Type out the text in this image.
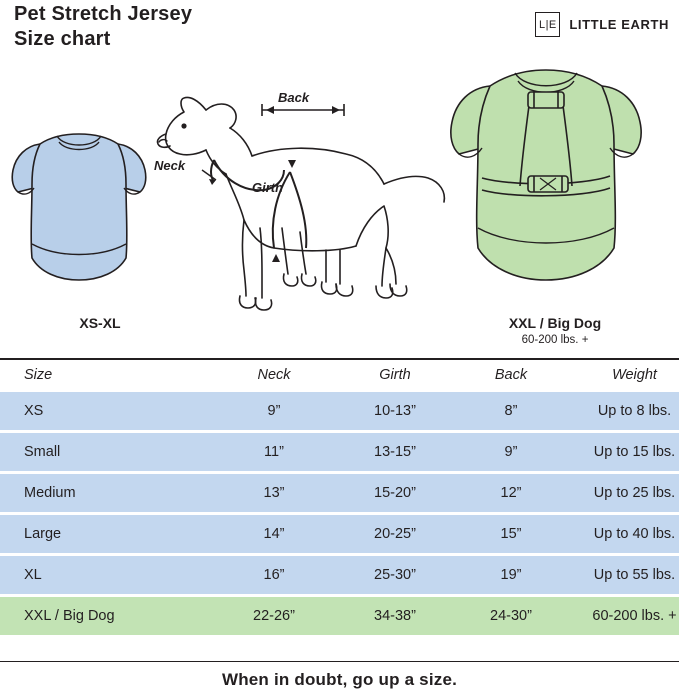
Pet Stretch Jersey
Size chart
L|E LITTLE EARTH
XS-XL
Back
Neck
Girth
XXL / Big Dog
60-200 lbs. +
Size	Neck	Girth	Back	Weight
XS	9”	10-13”	8”	Up to 8 lbs.

Small	11”	13-15”	9”	Up to 15 lbs.

Medium	13”	15-20”	12”	Up to 25 lbs.

Large	14”	20-25”	15”	Up to 40 lbs.

XL	16”	25-30”	19”	Up to 55 lbs.

XXL / Big Dog	22-26”	34-38”	24-30”	60-200 lbs. +
When in doubt, go up a size.
